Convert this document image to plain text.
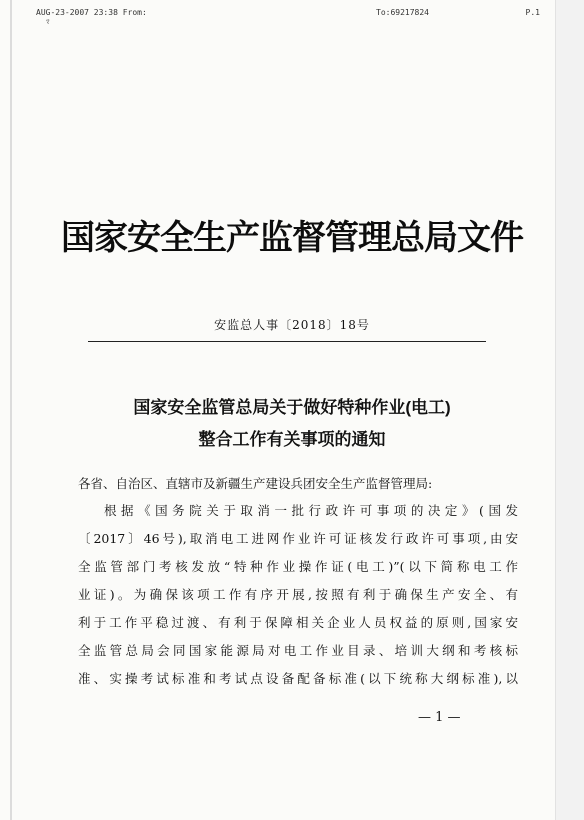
AUG-23-2007 23:38 From:
ﾏ
To:69217824	P.1
国家安全生产监督管理总局文件
安监总人事〔2018〕18号
国家安全监管总局关于做好特种作业(电工)
整合工作有关事项的通知
各省、自治区、直辖市及新疆生产建设兵团安全生产监督管理局:
根据《国务院关于取消一批行政许可事项的决定》(国发
〔2017〕46号),取消电工进网作业许可证核发行政许可事项,由安
全监管部门考核发放“特种作业操作证(电工)”(以下简称电工作
业证)。为确保该项工作有序开展,按照有利于确保生产安全、有
利于工作平稳过渡、有利于保障相关企业人员权益的原则,国家安
全监管总局会同国家能源局对电工作业目录、培训大纲和考核标
准、实操考试标准和考试点设备配备标准(以下统称大纲标准),以
— 1 —
